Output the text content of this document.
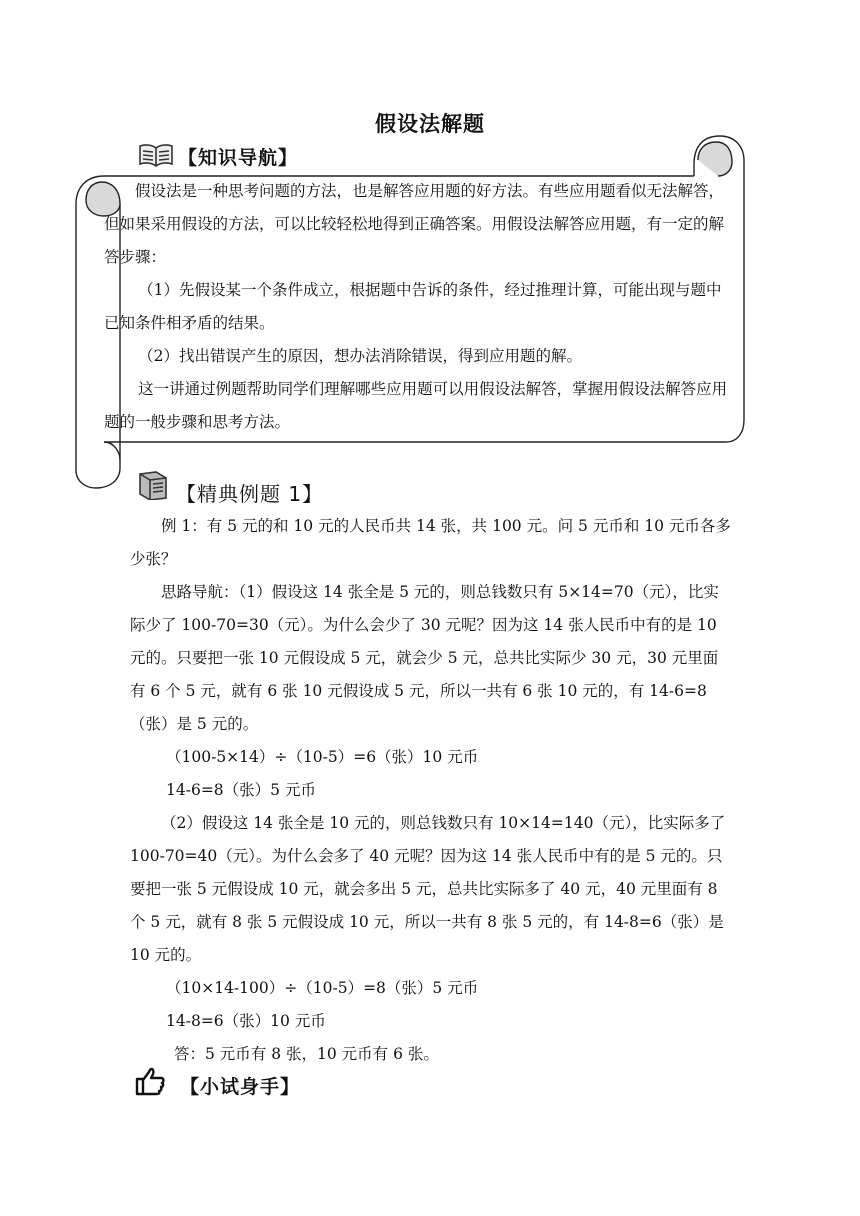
假设法解题
【知识导航】

假设法是一种思考问题的方法，也是解答应用题的好方法。有些应用题看似无法解答，但如果采用假设的方法，可以比较轻松地得到正确答案。用假设法解答应用题，有一定的解答步骤：

（1）先假设某一个条件成立，根据题中告诉的条件，经过推理计算，可能出现与题中已知条件相矛盾的结果。

（2）找出错误产生的原因，想办法消除错误，得到应用题的解。

这一讲通过例题帮助同学们理解哪些应用题可以用假设法解答，掌握用假设法解答应用题的一般步骤和思考方法。

【精典例题 1】

例 1：有 5 元的和 10 元的人民币共 14 张，共 100 元。问 5 元币和 10 元币各多少张？

思路导航：（1）假设这 14 张全是 5 元的，则总钱数只有 5×14=70（元），比实际少了 100-70=30（元）。为什么会少了 30 元呢？因为这 14 张人民币中有的是 10 元的。只要把一张 10 元假设成 5 元，就会少 5 元，总共比实际少 30 元，30 元里面有 6 个 5 元，就有 6 张 10 元假设成 5 元，所以一共有 6 张 10 元的，有 14-6=8（张）是 5 元的。

（100-5×14）÷（10-5）=6（张）10 元币

14-6=8（张）5 元币

（2）假设这 14 张全是 10 元的，则总钱数只有 10×14=140（元），比实际多了 100-70=40（元）。为什么会多了 40 元呢？因为这 14 张人民币中有的是 5 元的。只要把一张 5 元假设成 10 元，就会多出 5 元，总共比实际多了 40 元，40 元里面有 8 个 5 元，就有 8 张 5 元假设成 10 元，所以一共有 8 张 5 元的，有 14-8=6（张）是 10 元的。

（10×14-100）÷（10-5）=8（张）5 元币

14-8=6（张）10 元币

答：5 元币有 8 张，10 元币有 6 张。

【小试身手】
